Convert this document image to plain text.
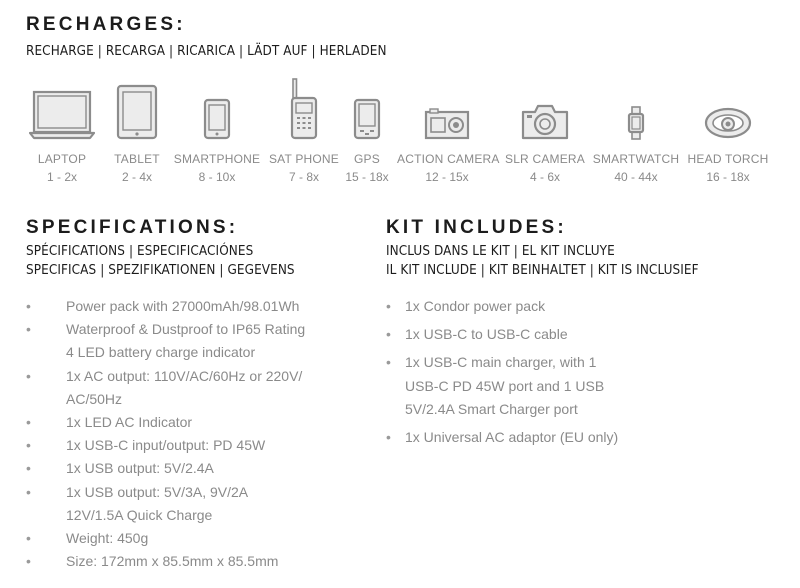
RECHARGES:
RECHARGE | RECARGA | RICARICA | LÄDT AUF | HERLADEN
LAPTOP
1 - 2x
TABLET
2 - 4x
SMARTPHONE
8 - 10x
SAT PHONE
7 - 8x
GPS
15 - 18x
ACTION CAMERA
12 - 15x
SLR CAMERA
4 - 6x
SMARTWATCH
40 - 44x
HEAD TORCH
16 - 18x
SPECIFICATIONS:
SPÉCIFICATIONS | ESPECIFICACIÓNES
SPECIFICAS | SPEZIFIKATIONEN | GEGEVENS
•	Power pack with 27000mAh/98.01Wh
•	Waterproof & Dustproof to IP65 Rating
4 LED battery charge indicator
•	1x AC output: 110V/AC/60Hz or 220V/
AC/50Hz
•	1x LED AC Indicator
•	1x USB-C input/output: PD 45W
•	1x USB output: 5V/2.4A
•	1x USB output: 5V/3A, 9V/2A
12V/1.5A Quick Charge
•	Weight: 450g
•	Size: 172mm x 85.5mm x 85.5mm
KIT INCLUDES:
INCLUS DANS LE KIT | EL KIT INCLUYE
IL KIT INCLUDE | KIT BEINHALTET | KIT IS INCLUSIEF
• 1x Condor power pack
• 1x USB-C to USB-C cable
• 1x USB-C main charger, with 1
USB-C PD 45W port and 1 USB
5V/2.4A Smart Charger port
• 1x Universal AC adaptor (EU only)
